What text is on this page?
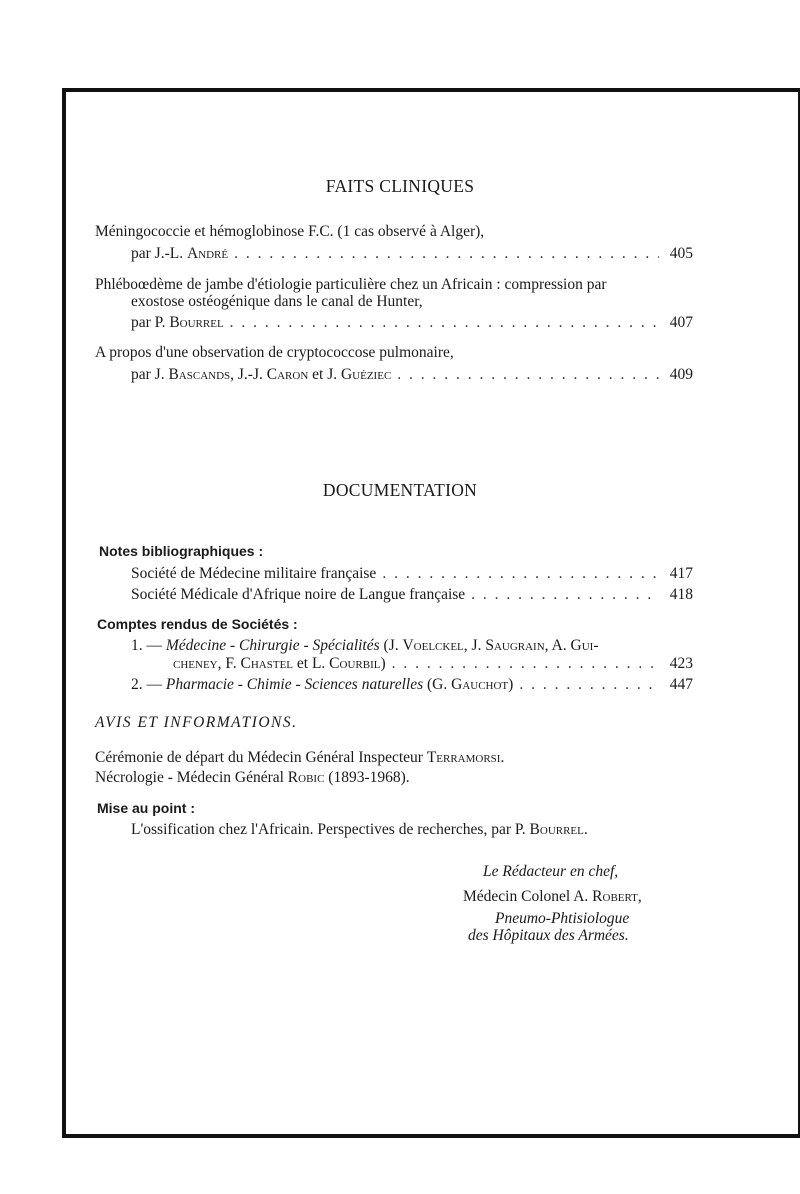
FAITS CLINIQUES
Méningococcie et hémoglobinose F.C. (1 cas observé à Alger),
par J.-L. André . . .	405
Phléboœdème de jambe d'étiologie particulière chez un Africain : compression par
exostose ostéogénique dans le canal de Hunter,
par P. Bourrel . . .	407
A propos d'une observation de cryptococcose pulmonaire,
par J. Bascands, J.-J. Caron et J. Guéziec . . .	409
DOCUMENTATION
Notes bibliographiques :
Société de Médecine militaire française . . .	417
Société Médicale d'Afrique noire de Langue française . . .	418
Comptes rendus de Sociétés :
1. — Médecine - Chirurgie - Spécialités (J. Voelckel, J. Saugrain, A. Gui-
cheney, F. Chastel et L. Courbil) . . .	423
2. — Pharmacie - Chimie - Sciences naturelles (G. Gauchot) . . .	447
AVIS ET INFORMATIONS.
Cérémonie de départ du Médecin Général Inspecteur Terramorsi.
Nécrologie - Médecin Général Robic (1893-1968).
Mise au point :
L'ossification chez l'Africain. Perspectives de recherches, par P. Bourrel.
Le Rédacteur en chef,
Médecin Colonel A. Robert,
Pneumo-Phtisiologue
des Hôpitaux des Armées.
